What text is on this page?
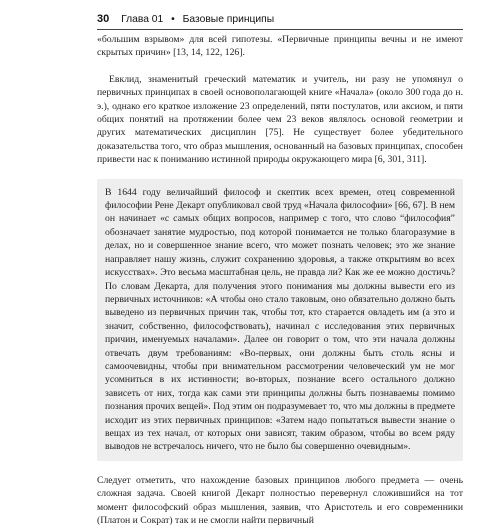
30 Глава 01 • Базовые принципы

«большим взрывом» для всей гипотезы. «Первичные принципы вечны и не имеют скрытых причин» [13, 14, 122, 126].

Евклид, знаменитый греческий математик и учитель, ни разу не упомянул о первичных принципах в своей основополагающей книге «Начала» (около 300 года до н. э.), однако его краткое изложение 23 определений, пяти постулатов, или аксиом, и пяти общих понятий на протяжении более чем 23 веков являлось основой геометрии и других математических дисциплин [75]. Не существует более убедительного доказательства того, что образ мышления, основанный на базовых принципах, способен привести нас к пониманию истинной природы окружающего мира [6, 301, 311].

В 1644 году величайший философ и скептик всех времен, отец современной философии Рене Декарт опубликовал свой труд «Начала философии» [66, 67]. В нем он начинает «с самых общих вопросов, например с того, что слово “философия” обозначает занятие мудростью, под которой понимается не только благоразумие в делах, но и совершенное знание всего, что может познать человек; это же знание направляет нашу жизнь, служит сохранению здоровья, а также открытиям во всех искусствах». Это весьма масштабная цель, не правда ли? Как же ее можно достичь? По словам Декарта, для получения этого понимания мы должны вывести его из первичных источников: «А чтобы оно стало таковым, оно обязательно должно быть выведено из первичных причин так, чтобы тот, кто старается овладеть им (а это и значит, собственно, философствовать), начинал с исследования этих первичных причин, именуемых началами». Далее он говорит о том, что эти начала должны отвечать двум требованиям: «Во-первых, они должны быть столь ясны и самоочевидны, чтобы при внимательном рассмотрении человеческий ум не мог усомниться в их истинности; во-вторых, познание всего остального должно зависеть от них, тогда как сами эти принципы должны быть познаваемы помимо познания прочих вещей». Под этим он подразумевает то, что мы должны в предмете исходит из этих первичных принципов: «Затем надо попытаться вывести знание о вещах из тех начал, от которых они зависят, таким образом, чтобы во всем ряду выводов не встречалось ничего, что не было бы совершенно очевидным».

Следует отметить, что нахождение базовых принципов любого предмета — очень сложная задача. Своей книгой Декарт полностью перевернул сложившийся на тот момент философский образ мышления, заявив, что Аристотель и его современники (Платон и Сократ) так и не смогли найти первичный
